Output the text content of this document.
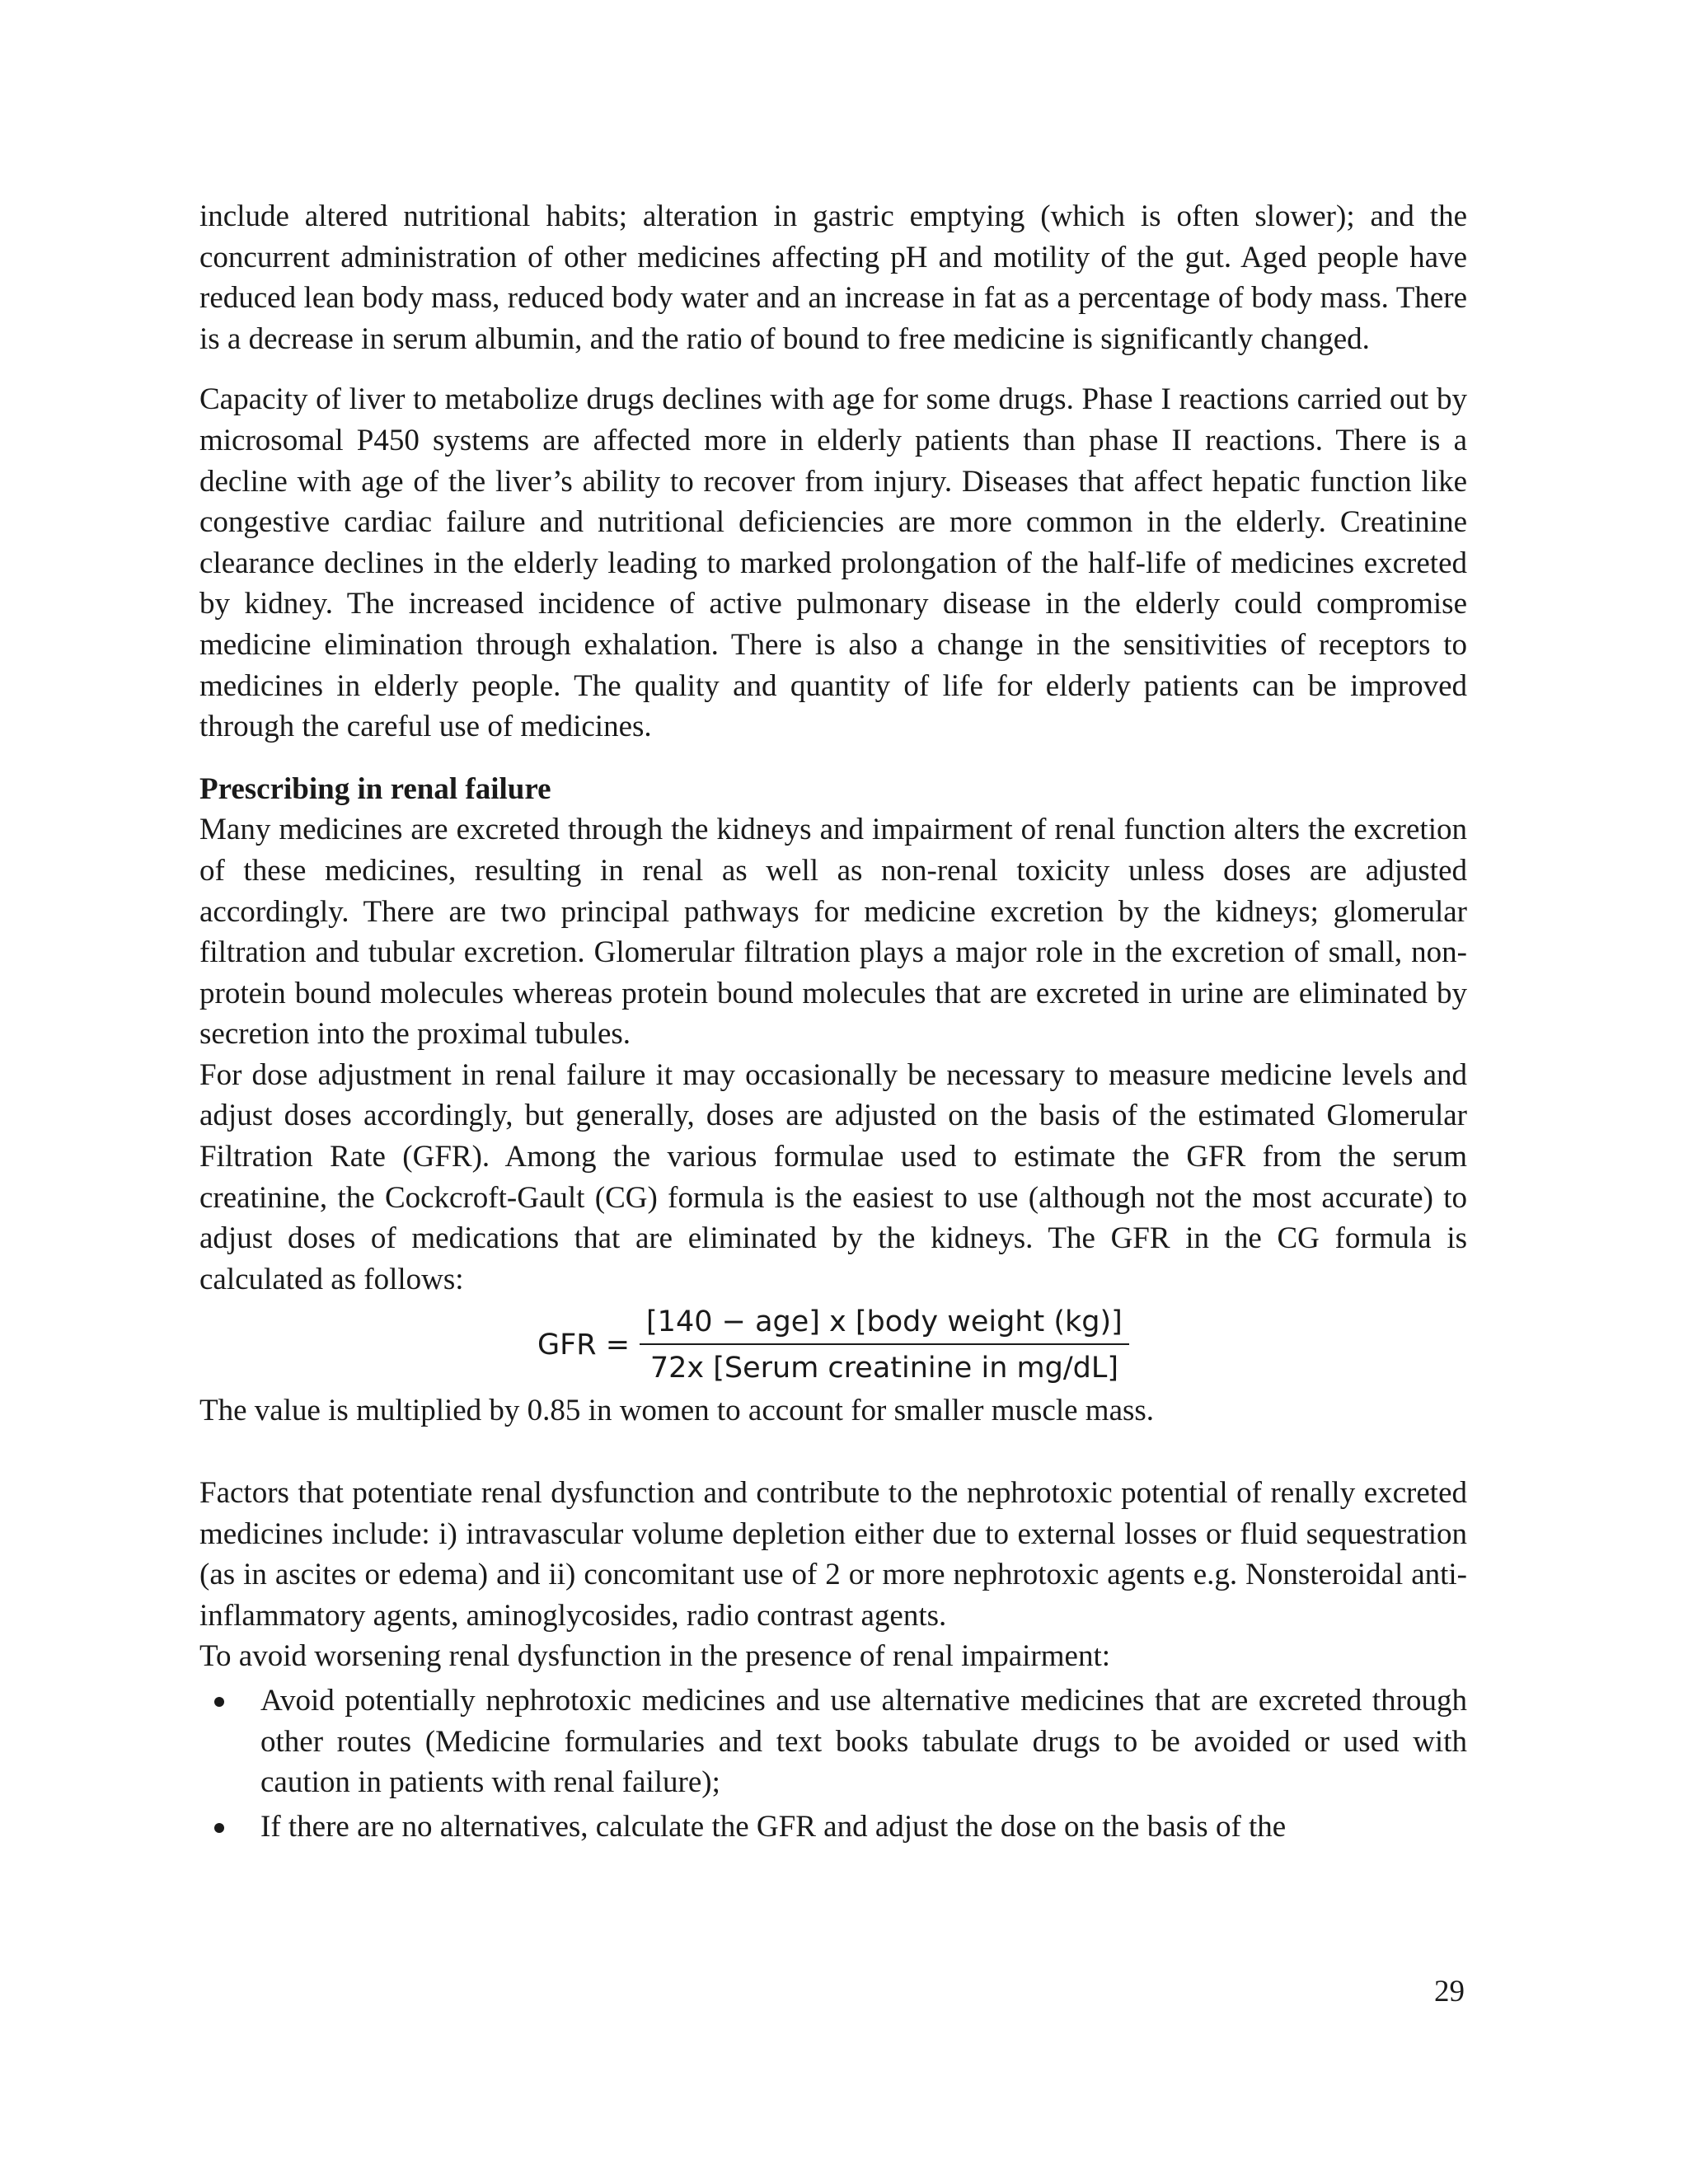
include altered nutritional habits; alteration in gastric emptying (which is often slower); and the concurrent administration of other medicines affecting pH and motility of the gut. Aged people have reduced lean body mass, reduced body water and an increase in fat as a percentage of body mass. There is a decrease in serum albumin, and the ratio of bound to free medicine is significantly changed.

Capacity of liver to metabolize drugs declines with age for some drugs. Phase I reactions carried out by microsomal P450 systems are affected more in elderly patients than phase II reactions. There is a decline with age of the liver’s ability to recover from injury. Diseases that affect hepatic function like congestive cardiac failure and nutritional deficiencies are more common in the elderly. Creatinine clearance declines in the elderly leading to marked prolongation of the half-life of medicines excreted by kidney. The increased incidence of active pulmonary disease in the elderly could compromise medicine elimination through exhalation. There is also a change in the sensitivities of receptors to medicines in elderly people. The quality and quantity of life for elderly patients can be improved through the careful use of medicines.

Prescribing in renal failure

Many medicines are excreted through the kidneys and impairment of renal function alters the excretion of these medicines, resulting in renal as well as non-renal toxicity unless doses are adjusted accordingly. There are two principal pathways for medicine excretion by the kidneys; glomerular filtration and tubular excretion. Glomerular filtration plays a major role in the excretion of small, non-protein bound molecules whereas protein bound molecules that are excreted in urine are eliminated by secretion into the proximal tubules.

For dose adjustment in renal failure it may occasionally be necessary to measure medicine levels and adjust doses accordingly, but generally, doses are adjusted on the basis of the estimated Glomerular Filtration Rate (GFR). Among the various formulae used to estimate the GFR from the serum creatinine, the Cockcroft-Gault (CG) formula is the easiest to use (although not the most accurate) to adjust doses of medications that are eliminated by the kidneys. The GFR in the CG formula is calculated as follows:

GFR = $\frac{\text{[140 − age] x [body weight (kg)]}}{\text{72x [Serum creatinine in mg/dL]}}$

The value is multiplied by 0.85 in women to account for smaller muscle mass.

Factors that potentiate renal dysfunction and contribute to the nephrotoxic potential of renally excreted medicines include: i) intravascular volume depletion either due to external losses or fluid sequestration (as in ascites or edema) and ii) concomitant use of 2 or more nephrotoxic agents e.g. Nonsteroidal anti-inflammatory agents, aminoglycosides, radio contrast agents.

To avoid worsening renal dysfunction in the presence of renal impairment:

Avoid potentially nephrotoxic medicines and use alternative medicines that are excreted through other routes (Medicine formularies and text books tabulate drugs to be avoided or used with caution in patients with renal failure);
If there are no alternatives, calculate the GFR and adjust the dose on the basis of the
29
